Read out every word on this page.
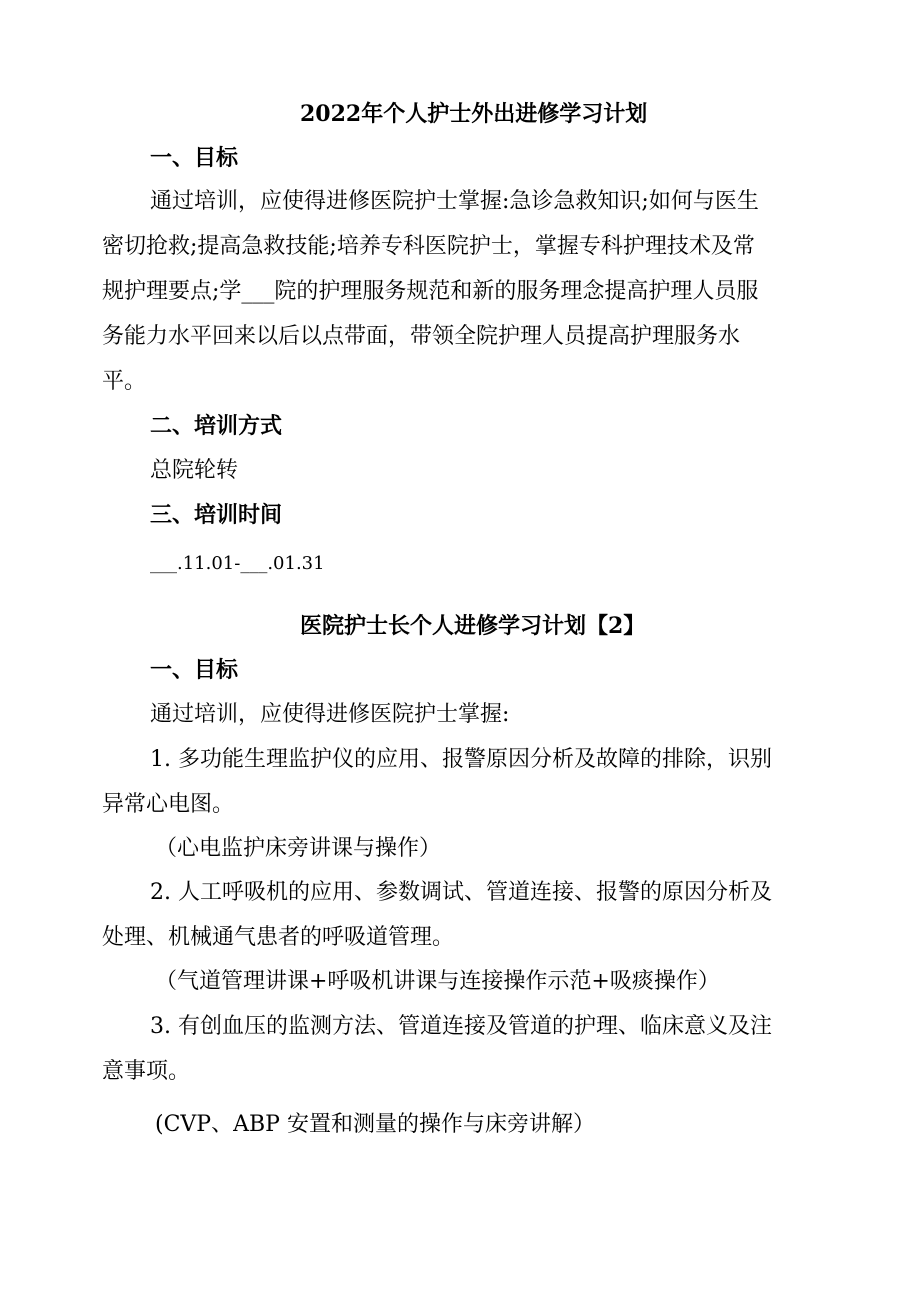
2022年个人护士外出进修学习计划
一、目标
通过培训，应使得进修医院护士掌握:急诊急救知识;如何与医生
密切抢救;提高急救技能;培养专科医院护士，掌握专科护理技术及常
规护理要点;学___院的护理服务规范和新的服务理念提高护理人员服
务能力水平回来以后以点带面，带领全院护理人员提高护理服务水
平。
二、培训方式
总院轮转
三、培训时间
___.11.01-___.01.31
医院护士长个人进修学习计划【2】
一、目标
通过培训，应使得进修医院护士掌握:
1. 多功能生理监护仪的应用、报警原因分析及故障的排除，识别
异常心电图。
（心电监护床旁讲课与操作）
2. 人工呼吸机的应用、参数调试、管道连接、报警的原因分析及
处理、机械通气患者的呼吸道管理。
（气道管理讲课+呼吸机讲课与连接操作示范+吸痰操作）
3. 有创血压的监测方法、管道连接及管道的护理、临床意义及注
意事项。
(CVP、ABP 安置和测量的操作与床旁讲解）
